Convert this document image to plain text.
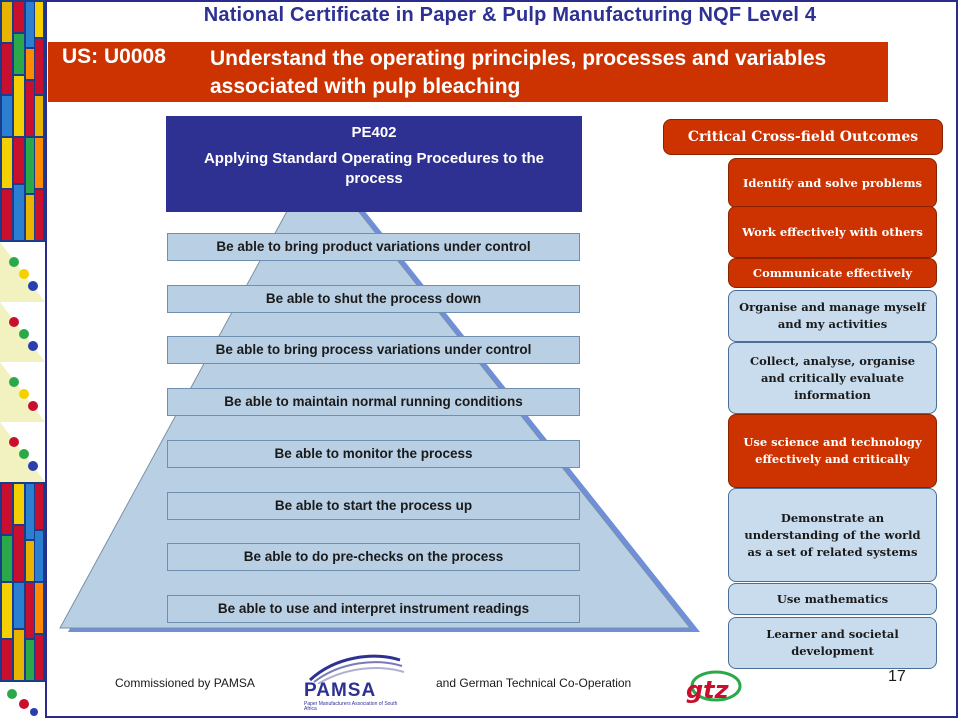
National Certificate in Paper & Pulp Manufacturing NQF Level 4
US: U0008 Understand the operating principles, processes and variables associated with pulp bleaching
PE402
Applying Standard Operating Procedures to the process
Be able to bring product variations under control
Be able to shut the process down
Be able to bring process variations under control
Be able to maintain normal running conditions
Be able to monitor the process
Be able to start the process up
Be able to do pre-checks on the process
Be able to use and interpret instrument readings
Critical Cross-field Outcomes
Identify and solve problems
Work effectively with others
Communicate effectively
Organise and manage myself and my activities
Collect, analyse, organise and critically evaluate information
Use science and technology effectively and critically
Demonstrate an understanding of the world as a set of related systems
Use mathematics
Learner and societal development
Commissioned by PAMSA	PAMSA
Paper Manufacturers Association of South Africa
and German Technical Co-Operation gtz	17
